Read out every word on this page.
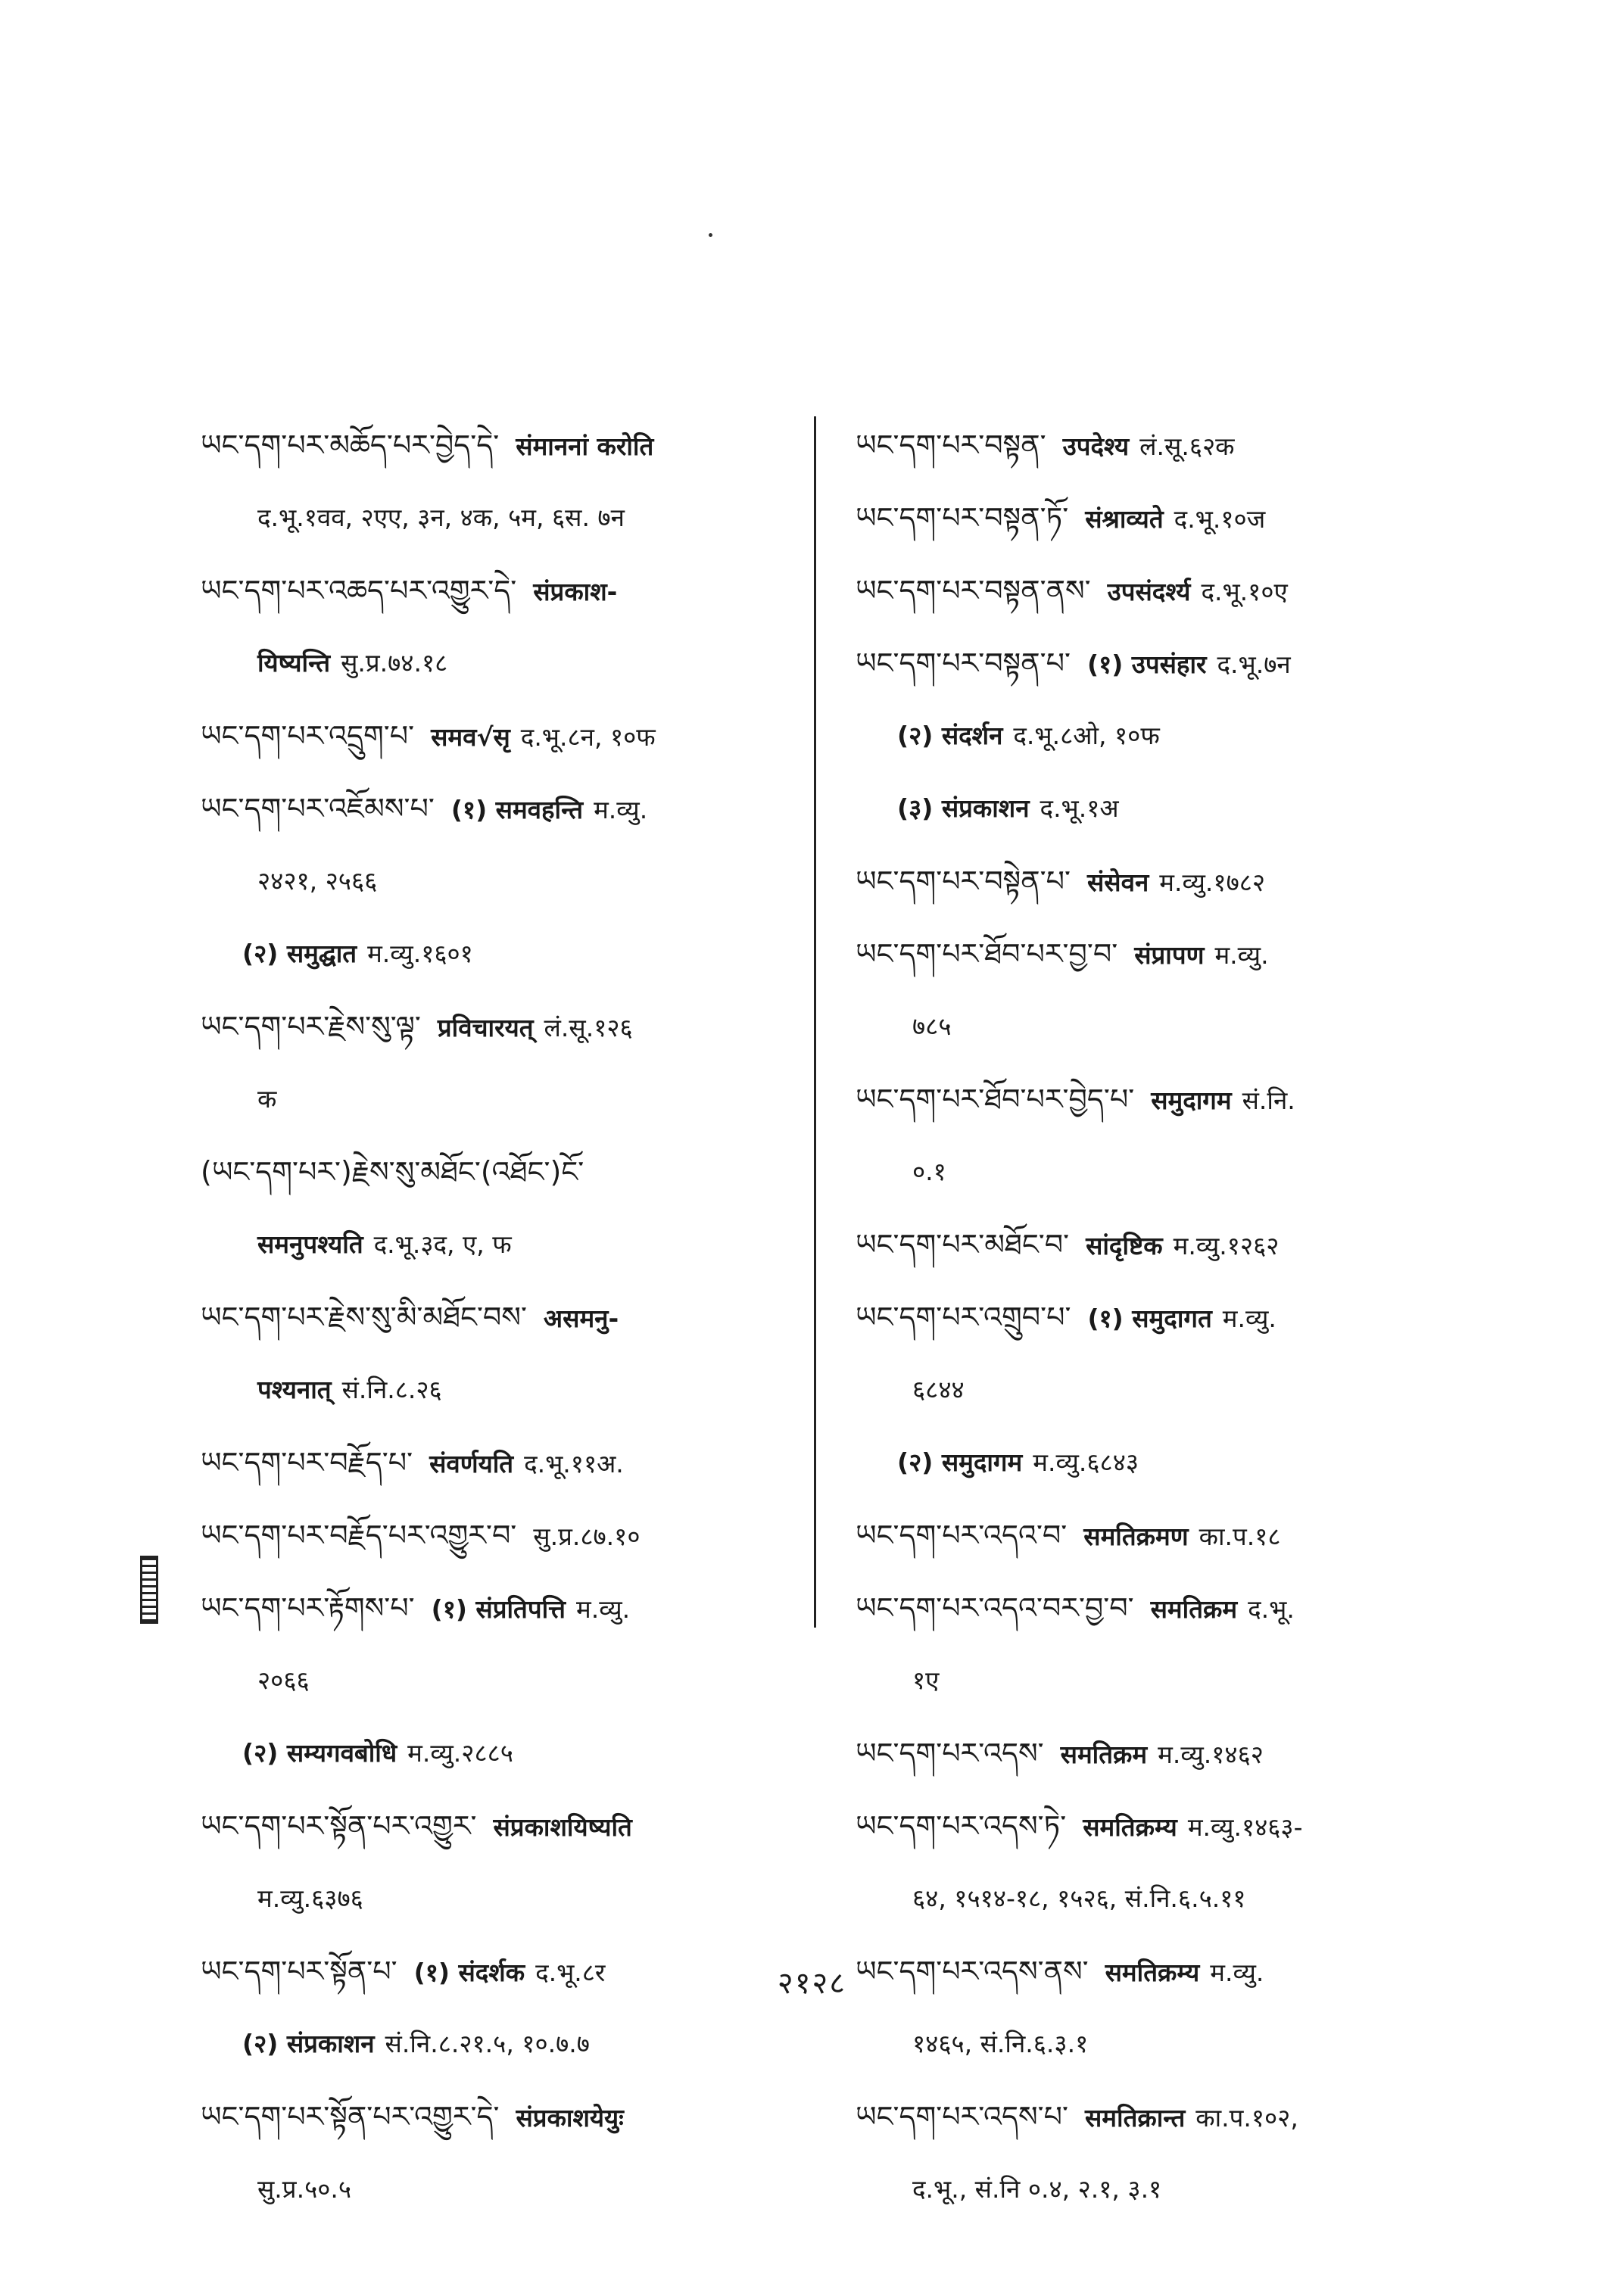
ཡང་དག་པར་མཆོད་པར་བྱེད་དེ་ संमाननां करोति
द.भू.१वव, २एए, ३न, ४क, ५म, ६स. ७न
ཡང་དག་པར་འཆད་པར་འགྱུར་དེ་ संप्रकाश-
यिष्यन्ति सु.प्र.७४.१८
ཡང་དག་པར་འདྲུག་པ་ समव√सृ द.भू.८न, १०फ
ཡང་དག་པར་འཇོམས་པ་ (१) समवहन्ति म.व्यु.
२४२१, २५६६
(२) समुद्घात म.व्यु.१६०१
ཡང་དག་པར་རྗེས་སུ་ལྟ་ प्रविचारयत् लं.सू.१२६
क
(ཡང་དག་པར་)རྗེས་སུ་མཐོང་(འཐོང་)ངོ་
समनुपश्यति द.भू.३द, ए, फ
ཡང་དག་པར་རྗེས་སུ་མི་མཐོང་བས་ असमनु-
पश्यनात् सं.नि.८.२६
ཡང་དག་པར་བརྗོད་པ་ संवर्णयति द.भू.११अ.
ཡང་དག་པར་བརྗོད་པར་འགྱུར་བ་ सु.प्र.८७.१०
ཡང་དག་པར་རྟོགས་པ་ (१) संप्रतिपत्ति म.व्यु.
२०६६
(२) सम्यगवबोधि म.व्यु.२८८५
ཡང་དག་པར་སྟོན་པར་འགྱུར་ संप्रकाशयिष्यति
म.व्यु.६३७६
ཡང་དག་པར་སྟོན་པ་ (१) संदर्शक द.भू.८र
(२) संप्रकाशन सं.नि.८.२१.५, १०.७.७
ཡང་དག་པར་སྟོན་པར་འགྱུར་དེ་ संप्रकाशयेयुः
सु.प्र.५०.५
ཡང་དག་པར་བསྟན་ उपदेश्य लं.सू.६२क
ཡང་དག་པར་བསྟན་ཏོ་ संश्राव्यते द.भू.१०ज
ཡང་དག་པར་བསྟན་ནས་ उपसंदर्श्य द.भू.१०ए
ཡང་དག་པར་བསྟན་པ་ (१) उपसंहार द.भू.७न
(२) संदर्शन द.भू.८ओ, १०फ
(३) संप्रकाशन द.भू.१अ
ཡང་དག་པར་བསྟེན་པ་ संसेवन म.व्यु.१७८२
ཡང་དག་པར་ཐོབ་པར་བྱ་བ་ संप्रापण म.व्यु.
७८५
ཡང་དག་པར་ཐོབ་པར་བྱེད་པ་ समुदागम सं.नि.
०.१
ཡང་དག་པར་མཐོང་བ་ सांदृष्टिक म.व्यु.१२६२
ཡང་དག་པར་འགྲུབ་པ་ (१) समुदागत म.व्यु.
६८४४
(२) समुदागम म.व्यु.६८४३
ཡང་དག་པར་འདའ་བ་ समतिक्रमण का.प.१८
ཡང་དག་པར་འདའ་བར་བྱ་བ་ समतिक्रम द.भू.
१ए
ཡང་དག་པར་འདས་ समतिक्रम म.व्यु.१४६२
ཡང་དག་པར་འདས་ཏེ་ समतिक्रम्य म.व्यु.१४६३-
६४, १५१४-१८, १५२६, सं.नि.६.५.११
ཡང་དག་པར་འདས་ནས་ समतिक्रम्य म.व्यु.
१४६५, सं.नि.६.३.१
ཡང་དག་པར་འདས་པ་ समतिक्रान्त का.प.१०२,
द.भू., सं.नि ०.४, २.१, ३.१
२१२८
